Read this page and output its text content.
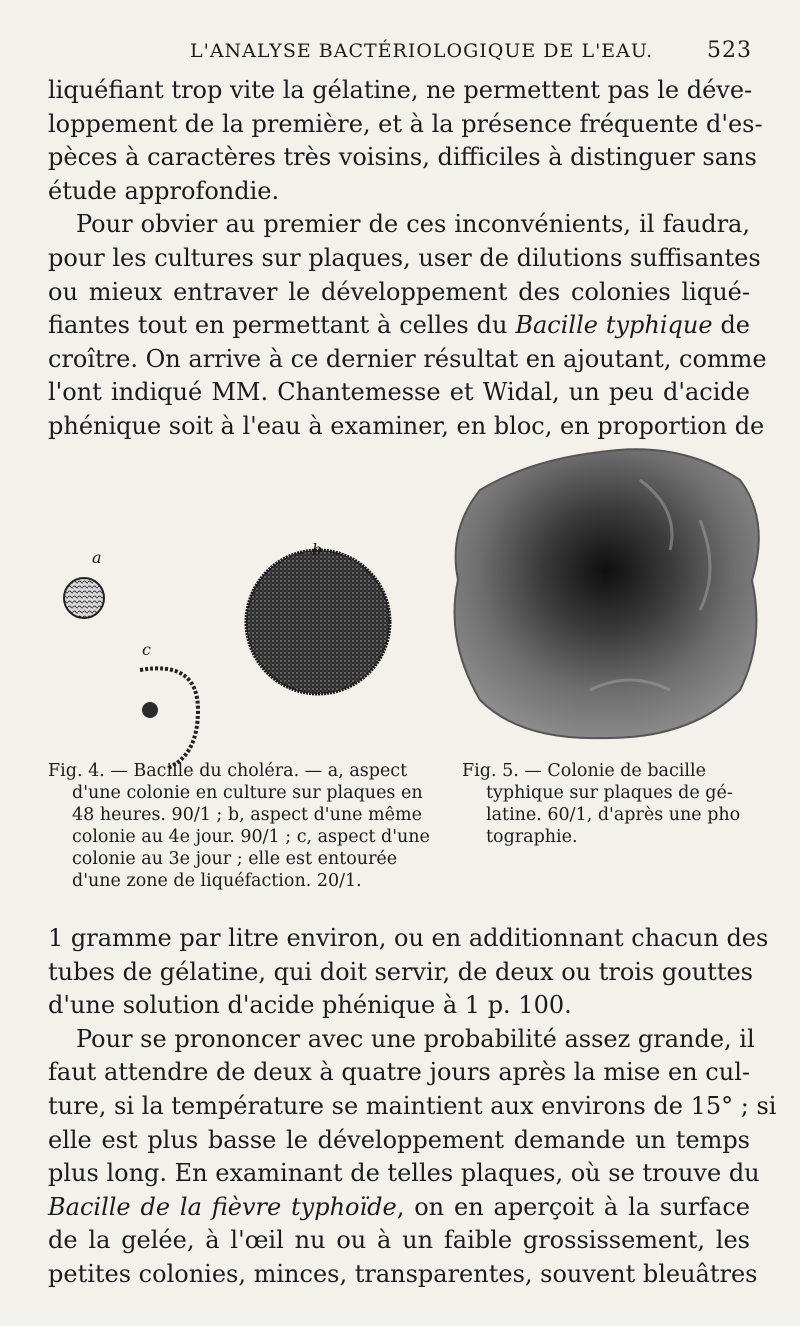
L'ANALYSE BACTÉRIOLOGIQUE DE L'EAU. 523

liquéfiant trop vite la gélatine, ne permettent pas le déve-
loppement de la première, et à la présence fréquente d'es-
pèces à caractères très voisins, difficiles à distinguer sans
étude approfondie.

Pour obvier au premier de ces inconvénients, il faudra,
pour les cultures sur plaques, user de dilutions suffisantes
ou mieux entraver le développement des colonies liqué-
fiantes tout en permettant à celles du Bacille typhique de
croître. On arrive à ce dernier résultat en ajoutant, comme
l'ont indiqué MM. Chantemesse et Widal, un peu d'acide
phénique soit à l'eau à examiner, en bloc, en proportion de

a	b
c
Fig. 4. — Bacille du choléra. — a, aspect
d'une colonie en culture sur plaques en
48 heures. 90/1 ; b, aspect d'une même
colonie au 4e jour. 90/1 ; c, aspect d'une
colonie au 3e jour ; elle est entourée
d'une zone de liquéfaction. 20/1.
Fig. 5. — Colonie de bacille
typhique sur plaques de gé-
latine. 60/1, d'après une pho
tographie.

1 gramme par litre environ, ou en additionnant chacun des
tubes de gélatine, qui doit servir, de deux ou trois gouttes
d'une solution d'acide phénique à 1 p. 100.

Pour se prononcer avec une probabilité assez grande, il
faut attendre de deux à quatre jours après la mise en cul-
ture, si la température se maintient aux environs de 15° ; si
elle est plus basse le développement demande un temps
plus long. En examinant de telles plaques, où se trouve du
Bacille de la fièvre typhoïde, on en aperçoit à la surface
de la gelée, à l'œil nu ou à un faible grossissement, les
petites colonies, minces, transparentes, souvent bleuâtres
